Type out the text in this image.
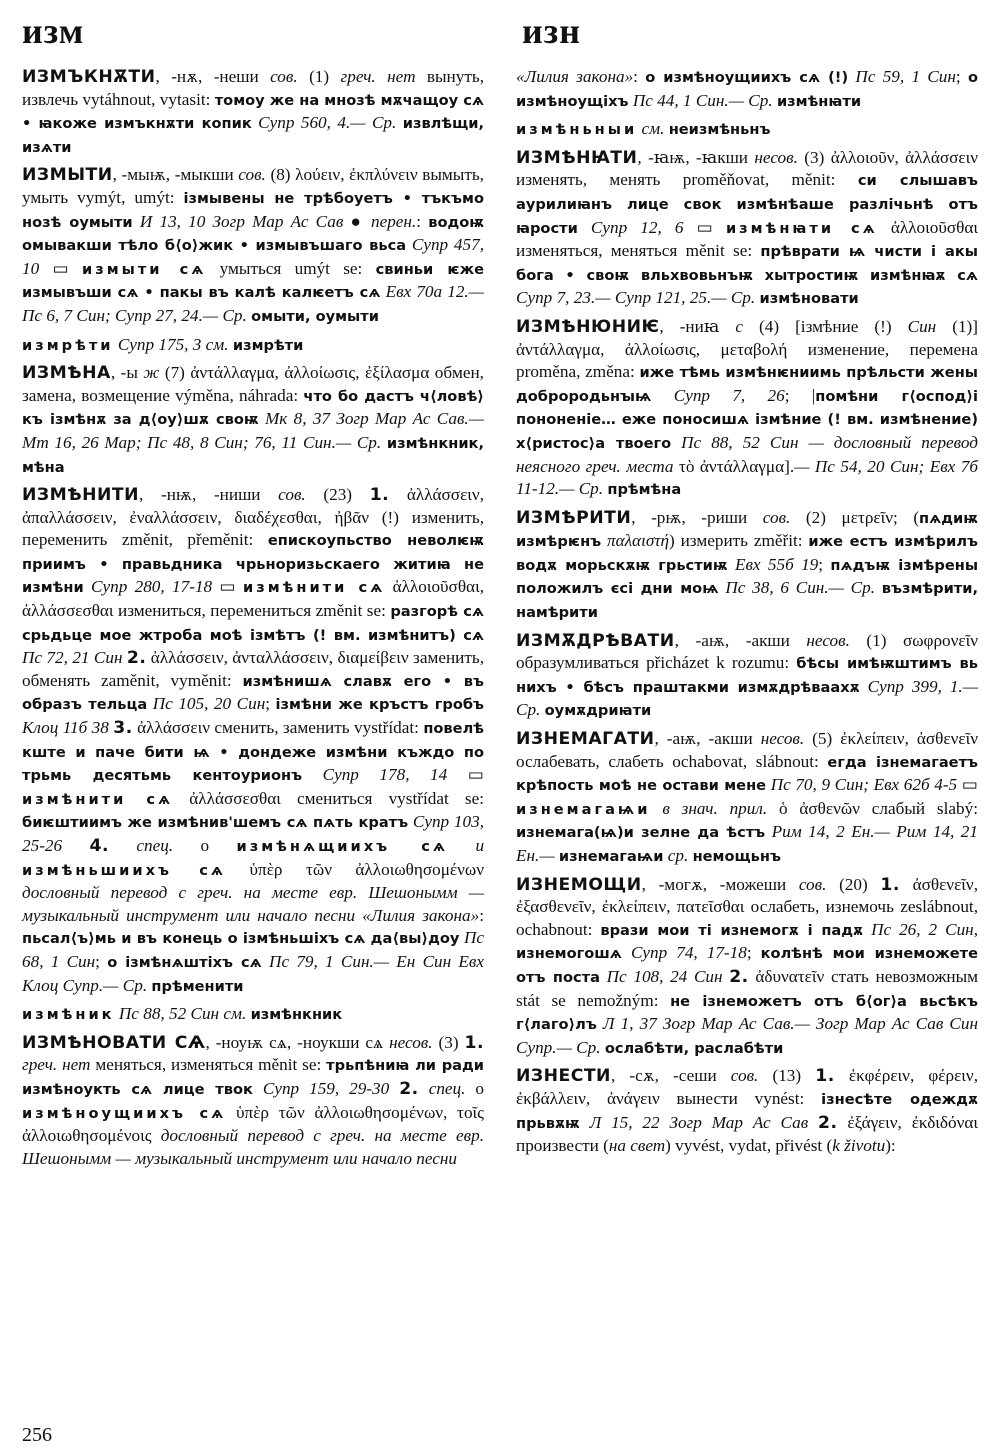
изм	изн

ИЗМЪКНѪТИ, -нѫ, -неши сов. (1) греч. нет вынуть, извлечь vytáhnout, vytasit: томоу же на мнозѣ мѫчащоу сѧ • ꙗкоже измъкнѫти копик Супр 560, 4.— Ср. извлѣщи, изѧти

ИЗМЫТИ, -мыѭ, -мыкши сов. (8) λούειν, ἐκπλύνειν вымыть, умыть vymýt, umýt: ізмывены не трѣбоуетъ • тъкъмо нозѣ оумыти И 13, 10 Зогр Мар Ас Сав ● перен.: водоѭ омывакши тѣло б⟨о⟩жик • измывъшаго вьса Супр 457, 10 ▭ измыти сѧ умыться umýt se: свиньи ѥже измывъши сѧ • пакы въ калѣ калѥетъ сѧ Евх 70а 12.— Пс 6, 7 Син; Супр 27, 24.— Ср. омыти, оумыти

измрѣти Супр 175, 3 см. измрѣти

ИЗМѢНА, -ы ж (7) ἀντάλλαγμα, ἀλλοίωσις, ἐξίλασμα обмен, замена, возмещение výměna, náhrada: что бо дастъ ч⟨ловѣ⟩къ ізмѣнѫ за д⟨оу⟩шѫ своѭ Мк 8, 37 Зогр Мар Ас Сав.— Мт 16, 26 Мар; Пс 48, 8 Син; 76, 11 Син.— Ср. измѣнкник, мѣна

ИЗМѢНИТИ, -нѭ, -ниши сов. (23) 1. ἀλλάσσειν, ἀπαλλάσσειν, ἐναλλάσσειν, διαδέχεσθαι, ἠβᾶν (!) изменить, переменить změnit, přeměnit: епискоупьство неволѥѭ приимъ • правьдника чрьноризьскаего житиꙗ не измѣни Супр 280, 17-18 ▭ измѣнити сѧ ἀλλοιοῦσθαι, ἀλλάσσεσθαι измениться, перемениться změnit se: разгорѣ сѧ срьдьце мое жтроба моѣ ізмѣтъ (! вм. измѣнитъ) сѧ Пс 72, 21 Син 2. ἀλλάσσειν, ἀνταλλάσσειν, διαμείβειν заменить, обменять zaměnit, vyměnit: измѣнишѧ славѫ его • въ образъ тельца Пс 105, 20 Син; ізмѣни же кръстъ гробъ Клоц 11б 38 3. ἀλλάσσειν сменить, заменить vystřídat: повелѣ кште и паче бити ѩ • дондеже измѣни къждо по трьмь десятьмь кентоурионъ Супр 178, 14 ▭ измѣнити сѧ ἀλλάσσεσθαι смениться vystřídat se: биѥштиимъ же измѣнив'шемъ сѧ пѧть кратъ Супр 103, 25-26 4. спец. о измѣнѧщиихъ сѧ и измѣньшиихъ сѧ ὑπὲρ τῶν ἀλλοιωθησομένων дословный перевод с греч. на месте евр. Шешонымм — музыкальный инструмент или начало песни «Лилия закона»: пьсал⟨ъ⟩мь и въ конець о ізмѣньшіхъ сѧ да⟨вы⟩доу Пс 68, 1 Син; о ізмѣнѧштіхъ сѧ Пс 79, 1 Син.— Ен Син Евх Клоц Супр.— Ср. прѣменити

измѣник Пс 88, 52 Син см. измѣнкник

ИЗМѢНОВАТИ СѦ, -ноуѭ сѧ, -ноукши сѧ несов. (3) 1. греч. нет меняться, изменяться měnit se: трьпѣниꙗ ли ради измѣноукть сѧ лице твок Супр 159, 29-30 2. спец. о измѣноущиихъ сѧ ὑπὲρ τῶν ἀλλοιωθησομένων, τοῖς ἀλλοιωθησομένοις дословный перевод с греч. на месте евр. Шешонымм — музыкальный инструмент или начало песни

«Лилия закона»: о измѣноущиихъ сѧ (!) Пс 59, 1 Син; о измѣноущіхъ Пс 44, 1 Син.— Ср. измѣнꙗти

измѣньныи см. неизмѣньнъ

ИЗМѢНꙖТИ, -ꙗѭ, -ꙗкши несов. (3) ἀλλοιοῦν, ἀλλάσσειν изменять, менять proměňovat, měnit: си слышавъ аурилиꙗнъ лице свок измѣнѣаше разлічьнѣ отъ ꙗрости Супр 12, 6 ▭ измѣнꙗти сѧ ἀλλοιοῦσθαι изменяться, меняться měnit se: прѣврати ѩ чисти і акы бога • своѭ вльхвовьнъѭ хытростиѭ измѣнꙗѫ сѧ Супр 7, 23.— Супр 121, 25.— Ср. измѣновати

ИЗМѢНЮНИѤ, -ниꙗ с (4) [ізмѣние (!) Син (1)] ἀντάλλαγμα, ἀλλοίωσις, μεταβολή изменение, перемена proměna, změna: иже тѣмь измѣнѥниимь прѣльсти жены доброродьнꙑѩ Супр 7, 26; |помѣни г⟨оспод⟩і пононеніе… еже поносишѧ ізмѣние (! вм. измѣнение) х⟨ристос⟩а твоего Пс 88, 52 Син — дословный перевод неясного греч. места τὸ ἀντάλλαγμα].— Пс 54, 20 Син; Евх 7б 11-12.— Ср. прѣмѣна

ИЗМѢРИТИ, -рѭ, -риши сов. (2) μετρεῖν; (пѧдиѭ измѣрѥнъ παλαιστή) измерить změřit: иже естъ измѣрилъ водѫ морьскѫѭ грьстиѭ Евх 55б 19; пѧдъѭ ізмѣрены положилъ єсі дни моѩ Пс 38, 6 Син.— Ср. възмѣрити, намѣрити

ИЗМѪДРѢВАТИ, -аѭ, -акши несов. (1) σωφρονεῖν образумливаться přicházet k rozumu: бѣсы имѣѭштимъ вь ниxъ • бѣсъ праштакми измѫдрѣваахѫ Супр 399, 1.— Ср. оумѫдриꙗти

ИЗНЕМАГАТИ, -аѭ, -акши несов. (5) ἐκλείπειν, ἀσθενεῖν ослабевать, слабеть ochabovat, slábnout: егда ізнемагаетъ крѣпость моѣ не остави мене Пс 70, 9 Син; Евх 62б 4-5 ▭ изнемагаѩи в знач. прил. ὁ ἀσθενῶν слабый slabý: изнемага(ѩ)и зелне да ѣстъ Рим 14, 2 Ен.— Рим 14, 21 Ен.— изнемагаѩи ср. немощьнъ

ИЗНЕМОЩИ, -могѫ, -можеши сов. (20) 1. ἀσθενεῖν, ἐξασθενεῖν, ἐκλείπειν, πατεῖσθαι ослабеть, изнемочь zeslábnout, ochabnout: врази мои ті изнемогѫ і падѫ Пс 26, 2 Син, изнемогошѧ Супр 74, 17-18; колѣнѣ мои изнеможете отъ поста Пс 108, 24 Син 2. ἀδυνατεῖν стать невозможным stát se nemožným: не ізнеможетъ отъ б⟨ог⟩а вьсѣкъ г⟨лаго⟩лъ Л 1, 37 Зогр Мар Ас Сав.— Зогр Мар Ас Сав Син Супр.— Ср. ослабѣти, раслабѣти

ИЗНЕСТИ, -сѫ, -сеши сов. (13) 1. ἐκφέρειν, φέρειν, ἐκβάλλειν, ἀνάγειν вынести vynést: ізнесѣте одеждѫ прьвѫѭ Л 15, 22 Зогр Мар Ас Сав 2. ἐξάγειν, ἐκδιδόναι произвести (на свет) vyvést, vydat, přivést (k životu):

256
